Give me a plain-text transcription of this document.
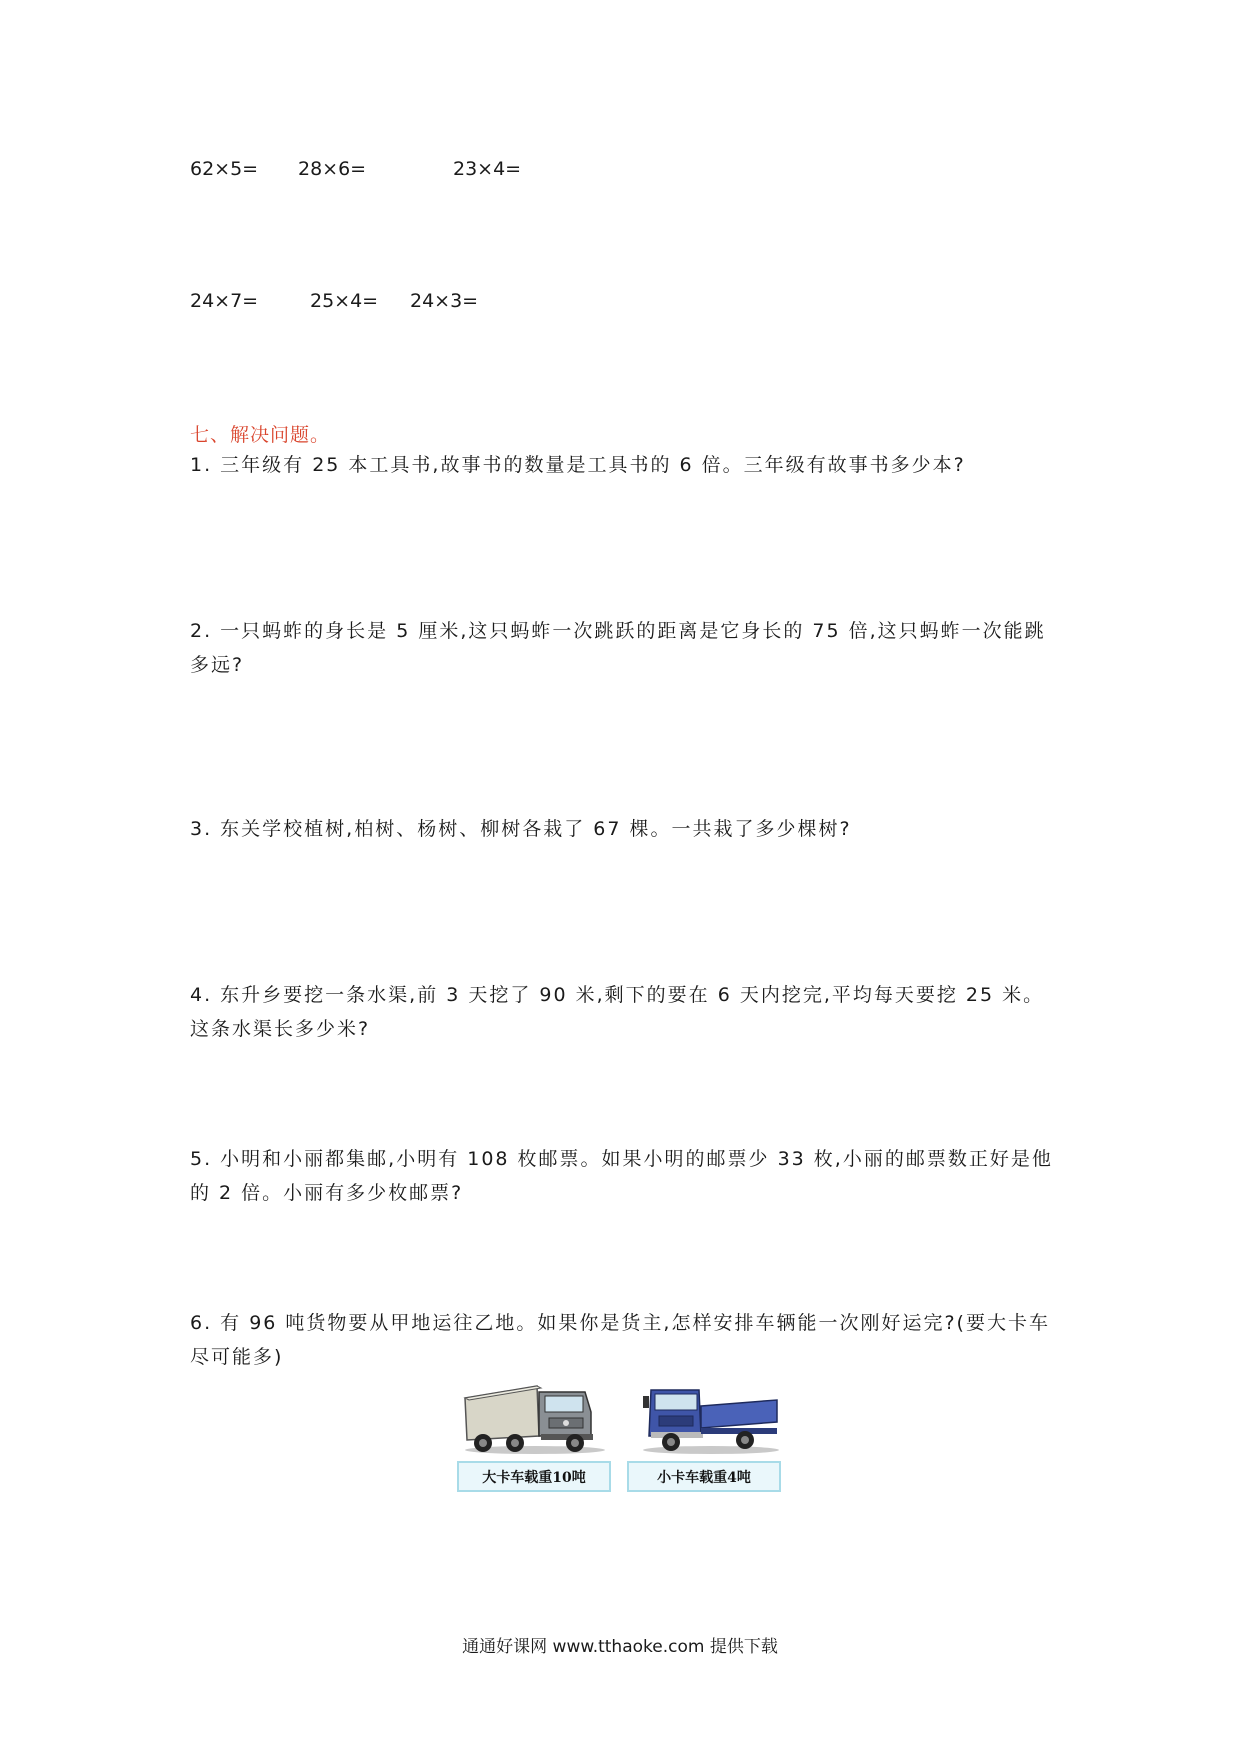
62×5= 28×6=	23×4=
24×7=	25×4= 24×3=
七、解决问题。
1. 三年级有 25 本工具书,故事书的数量是工具书的 6 倍。三年级有故事书多少本?
2. 一只蚂蚱的身长是 5 厘米,这只蚂蚱一次跳跃的距离是它身长的 75 倍,这只蚂蚱一次能跳多远?
3. 东关学校植树,柏树、杨树、柳树各栽了 67 棵。一共栽了多少棵树?
4. 东升乡要挖一条水渠,前 3 天挖了 90 米,剩下的要在 6 天内挖完,平均每天要挖 25 米。这条水渠长多少米?
5. 小明和小丽都集邮,小明有 108 枚邮票。如果小明的邮票少 33 枚,小丽的邮票数正好是他的 2 倍。小丽有多少枚邮票?
6. 有 96 吨货物要从甲地运往乙地。如果你是货主,怎样安排车辆能一次刚好运完?(要大卡车尽可能多)
大卡车载重10吨	小卡车载重4吨
通通好课网 www.tthaoke.com 提供下载
